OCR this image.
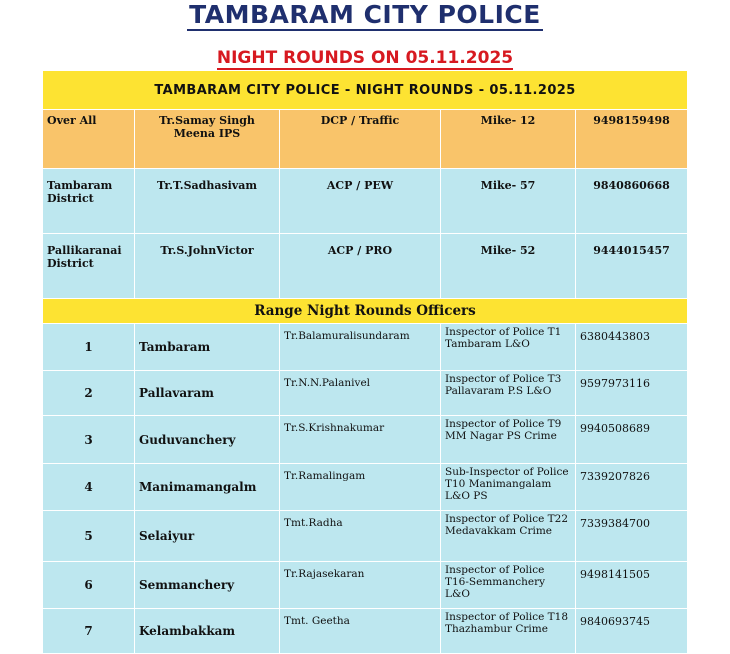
TAMBARAM CITY POLICE
NIGHT ROUNDS ON 05.11.2025
TAMBARAM CITY POLICE - NIGHT ROUNDS - 05.11.2025				
Over All	Tr.Samay Singh Meena IPS	DCP / Traffic	Mike- 12	9498159498
Tambaram District	Tr.T.Sadhasivam	ACP / PEW	Mike- 57	9840860668
Pallikaranai District	Tr.S.JohnVictor	ACP / PRO	Mike- 52	9444015457
Range Night Rounds Officers				
1	Tambaram	Tr.Balamuralisundaram	Inspector of Police T1 Tambaram L&O	6380443803
2	Pallavaram	Tr.N.N.Palanivel	Inspector of Police T3 Pallavaram P.S L&O	9597973116
3	Guduvanchery	Tr.S.Krishnakumar	Inspector of Police T9 MM Nagar PS Crime	9940508689
4	Manimamangalm	Tr.Ramalingam	Sub-Inspector of Police T10 Manimangalam L&O PS	7339207826
5	Selaiyur	Tmt.Radha	Inspector of Police T22 Medavakkam Crime	7339384700
6	Semmanchery	Tr.Rajasekaran	Inspector of Police T16-Semmanchery L&O	9498141505
7	Kelambakkam	Tmt. Geetha	Inspector of Police T18 Thazhambur Crime	9840693745
